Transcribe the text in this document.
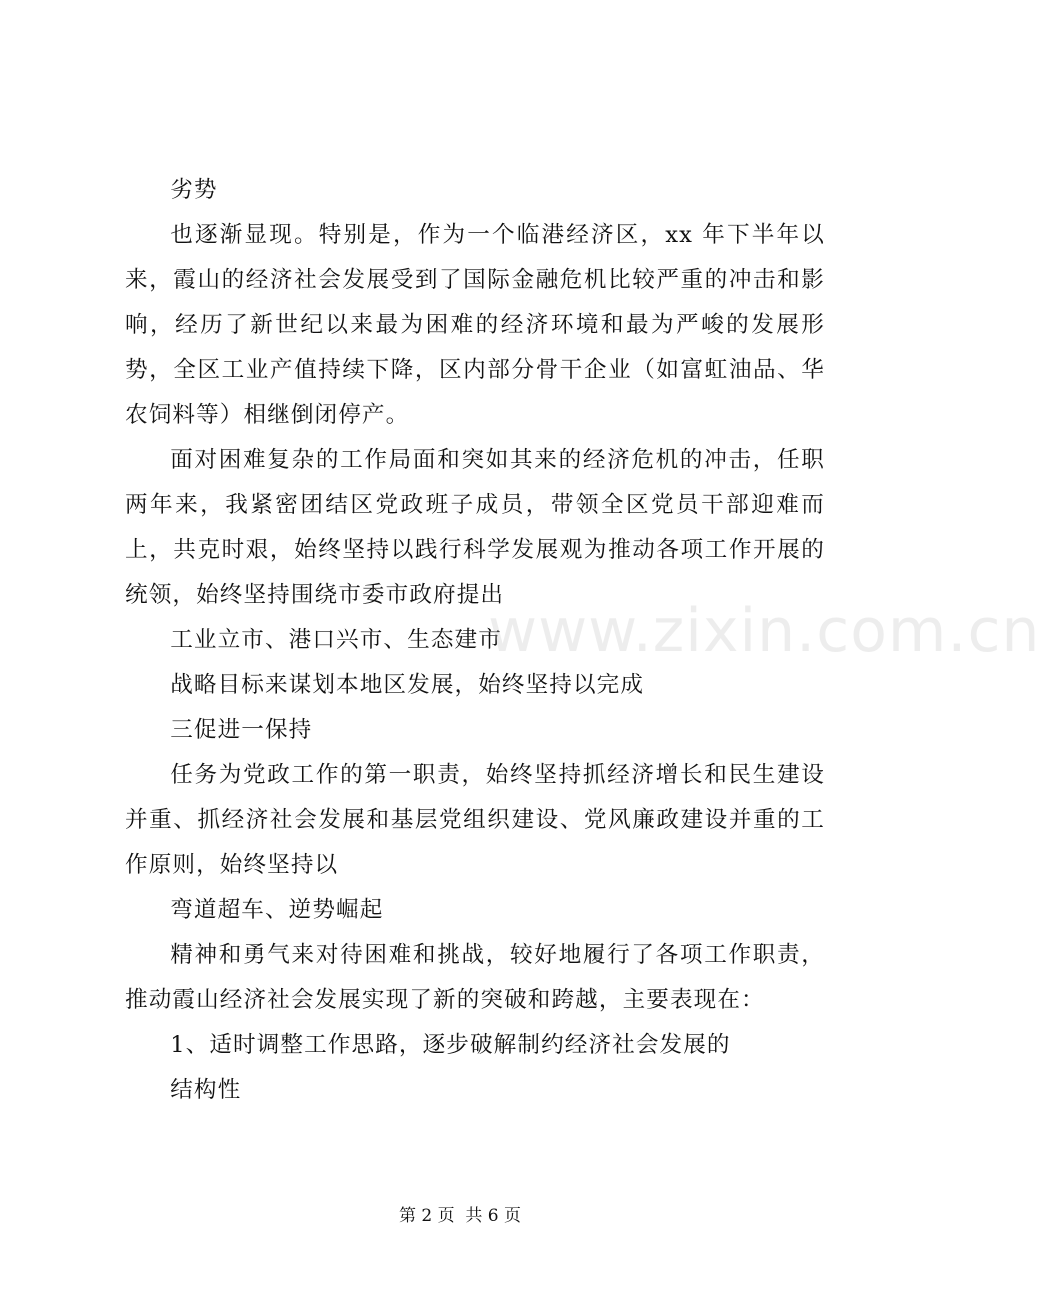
劣势

也逐渐显现。特别是，作为一个临港经济区，xx 年下半年以来，霞山的经济社会发展受到了国际金融危机比较严重的冲击和影响，经历了新世纪以来最为困难的经济环境和最为严峻的发展形势，全区工业产值持续下降，区内部分骨干企业（如富虹油品、华农饲料等）相继倒闭停产。

面对困难复杂的工作局面和突如其来的经济危机的冲击，任职两年来，我紧密团结区党政班子成员，带领全区党员干部迎难而上，共克时艰，始终坚持以践行科学发展观为推动各项工作开展的统领，始终坚持围绕市委市政府提出

工业立市、港口兴市、生态建市

战略目标来谋划本地区发展，始终坚持以完成

三促进一保持

任务为党政工作的第一职责，始终坚持抓经济增长和民生建设并重、抓经济社会发展和基层党组织建设、党风廉政建设并重的工作原则，始终坚持以

弯道超车、逆势崛起

精神和勇气来对待困难和挑战，较好地履行了各项工作职责，推动霞山经济社会发展实现了新的突破和跨越，主要表现在：

1、适时调整工作思路，逐步破解制约经济社会发展的

结构性

www.zixin.com.cn
第 2 页  共 6 页
